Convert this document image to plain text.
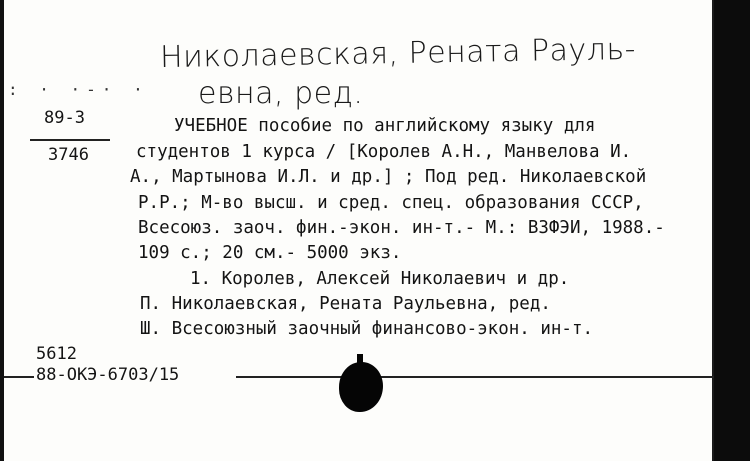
Николаевская, Рената Рауль-
евна, ред.
: · ·-· ·
89-3
3746
УЧЕБНОЕ пособие по английскому языку для
студентов 1 курса / [Королев А.Н., Манвелова И.
А., Мартынова И.Л. и др.] ; Под ред. Николаевской
Р.Р.; М-во высш. и сред. спец. образования СССР,
Всесоюз. заоч. фин.-экон. ин-т.- М.: ВЗФЭИ, 1988.-
109 с.; 20 см.- 5000 экз.
1. Королев, Алексей Николаевич и др.
П. Николаевская, Рената Раульевна, ред.
Ш. Всесоюзный заочный финансово-экон. ин-т.
5612
88-ОКЭ-6703/15
